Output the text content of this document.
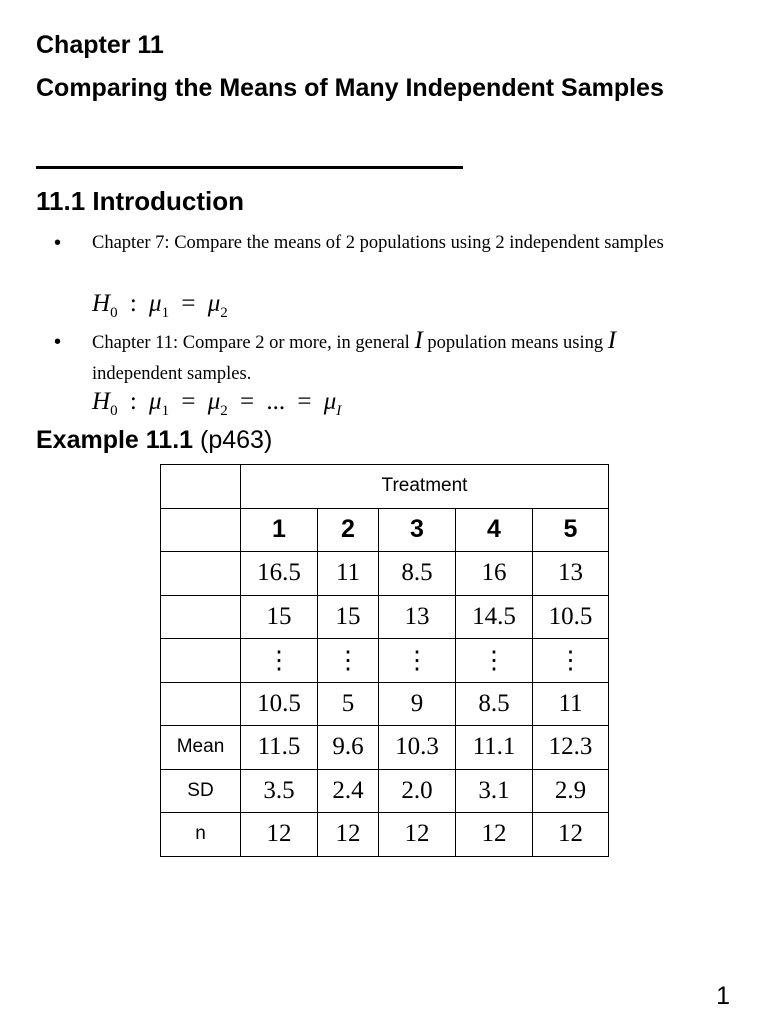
Chapter 11
Comparing the Means of Many Independent Samples
11.1 Introduction
• Chapter 7: Compare the means of 2 populations using 2 independent samples
$H_0$ : $\mu_1 = \mu_2$
• Chapter 11: Compare 2 or more, in general I population means using I
independent samples.
$H_0$ : $\mu_1 = \mu_2$ = ... = $\mu_I$
Example 11.1 (p463)
	Treatment				
	1	2	3	4	5
	16.5	11	8.5	16	13
	15	15	13	14.5	10.5
	⋮	⋮	⋮	⋮	⋮
	10.5	5	9	8.5	11
Mean	11.5	9.6	10.3	11.1	12.3
SD	3.5	2.4	2.0	3.1	2.9
n	12	12	12	12	12
1
